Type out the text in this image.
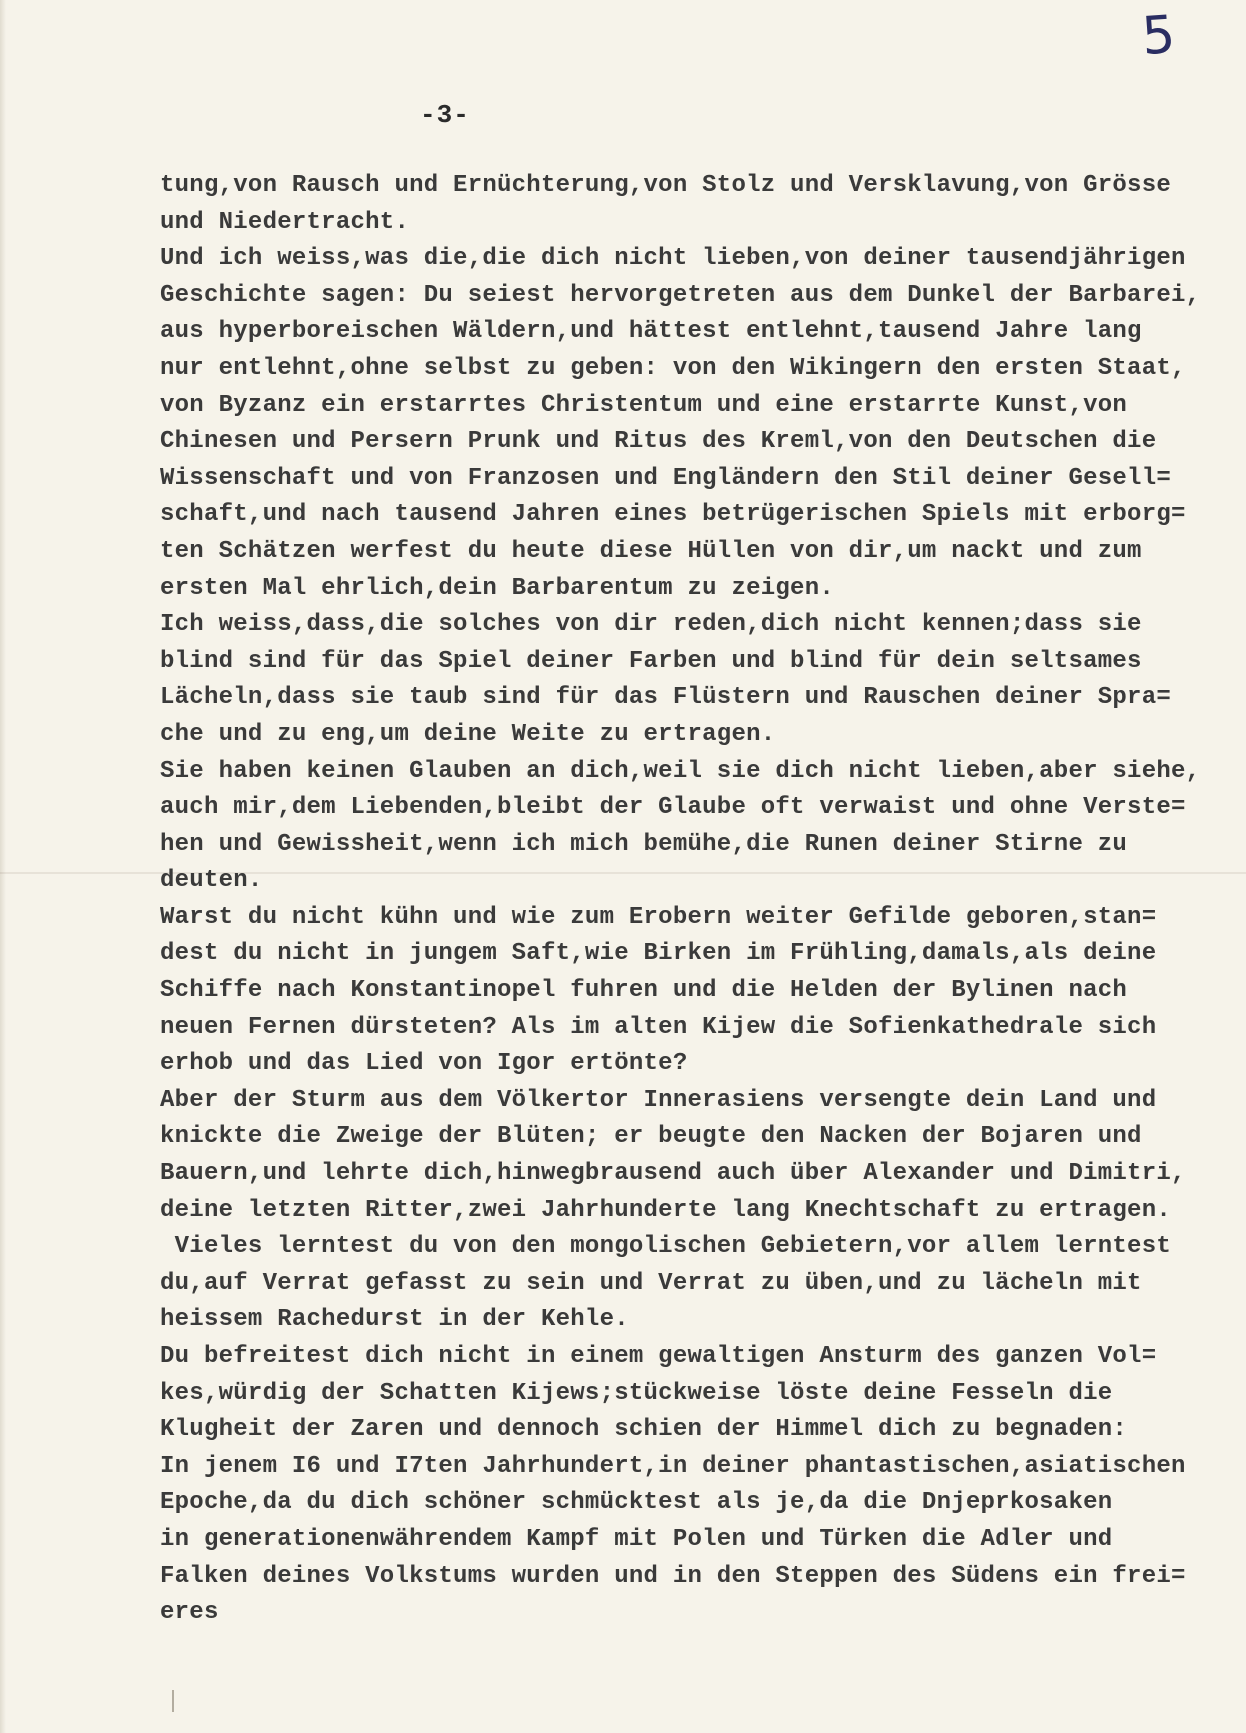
5
-3-
tung,von Rausch und Ernüchterung,von Stolz und Versklavung,von Grösse
und Niedertracht.
Und ich weiss,was die,die dich nicht lieben,von deiner tausendjährigen
Geschichte sagen: Du seiest hervorgetreten aus dem Dunkel der Barbarei,
aus hyperboreischen Wäldern,und hättest entlehnt,tausend Jahre lang
nur entlehnt,ohne selbst zu geben: von den Wikingern den ersten Staat,
von Byzanz ein erstarrtes Christentum und eine erstarrte Kunst,von
Chinesen und Persern Prunk und Ritus des Kreml,von den Deutschen die
Wissenschaft und von Franzosen und Engländern den Stil deiner Gesell=
schaft,und nach tausend Jahren eines betrügerischen Spiels mit erborg=
ten Schätzen werfest du heute diese Hüllen von dir,um nackt und zum
ersten Mal ehrlich,dein Barbarentum zu zeigen.
Ich weiss,dass,die solches von dir reden,dich nicht kennen;dass sie
blind sind für das Spiel deiner Farben und blind für dein seltsames
Lächeln,dass sie taub sind für das Flüstern und Rauschen deiner Spra=
che und zu eng,um deine Weite zu ertragen.
Sie haben keinen Glauben an dich,weil sie dich nicht lieben,aber siehe,
auch mir,dem Liebenden,bleibt der Glaube oft verwaist und ohne Verste=
hen und Gewissheit,wenn ich mich bemühe,die Runen deiner Stirne zu
deuten.
Warst du nicht kühn und wie zum Erobern weiter Gefilde geboren,stan=
dest du nicht in jungem Saft,wie Birken im Frühling,damals,als deine
Schiffe nach Konstantinopel fuhren und die Helden der Bylinen nach
neuen Fernen dürsteten? Als im alten Kijew die Sofienkathedrale sich
erhob und das Lied von Igor ertönte?
Aber der Sturm aus dem Völkertor Innerasiens versengte dein Land und
knickte die Zweige der Blüten; er beugte den Nacken der Bojaren und
Bauern,und lehrte dich,hinwegbrausend auch über Alexander und Dimitri,
deine letzten Ritter,zwei Jahrhunderte lang Knechtschaft zu ertragen.
Vieles lerntest du von den mongolischen Gebietern,vor allem lerntest
du,auf Verrat gefasst zu sein und Verrat zu üben,und zu lächeln mit
heissem Rachedurst in der Kehle.
Du befreitest dich nicht in einem gewaltigen Ansturm des ganzen Vol=
kes,würdig der Schatten Kijews;stückweise löste deine Fesseln die
Klugheit der Zaren und dennoch schien der Himmel dich zu begnaden:
In jenem I6 und I7ten Jahrhundert,in deiner phantastischen,asiatischen
Epoche,da du dich schöner schmücktest als je,da die Dnjeprkosaken
in generationenwährendem Kampf mit Polen und Türken die Adler und
Falken deines Volkstums wurden und in den Steppen des Südens ein frei=
eres
